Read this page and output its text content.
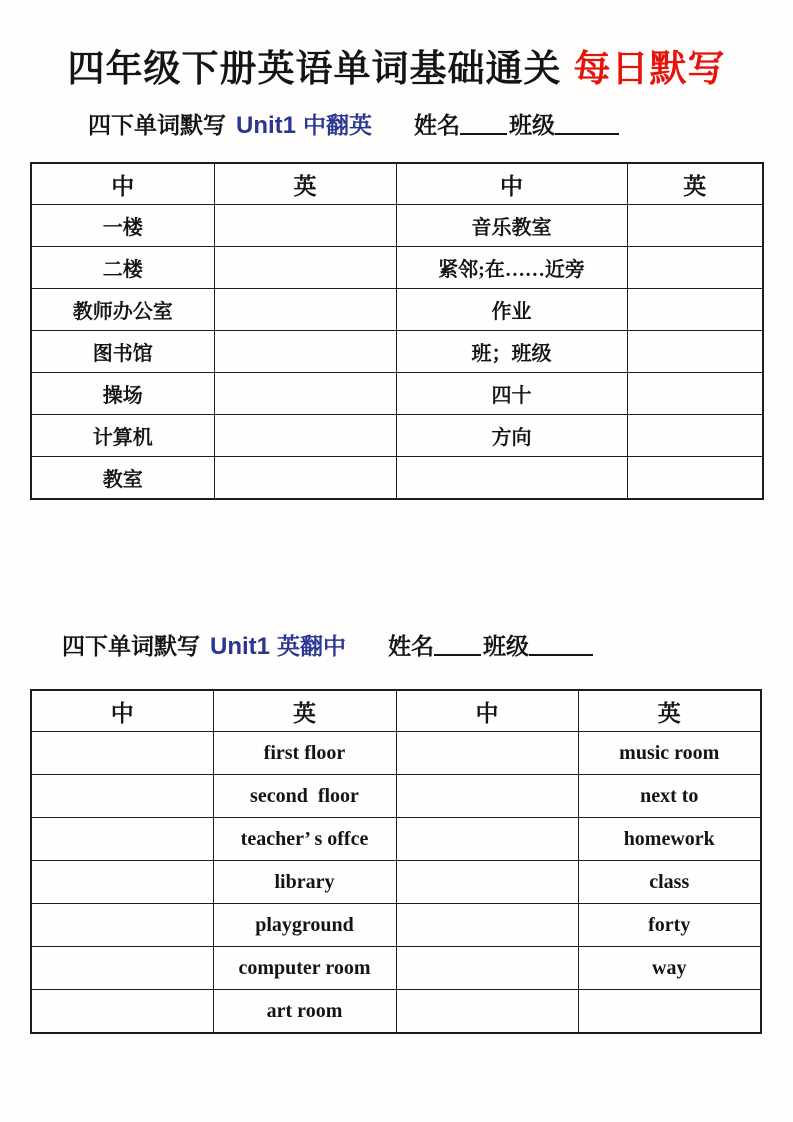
四年级下册英语单词基础通关 每日默写
四下单词默写 Unit1 中翻英 姓名 班级
中	英	中	英
一楼		音乐教室	
二楼		紧邻;在……近旁	
教师办公室		作业	
图书馆		班；班级	
操场		四十	
计算机		方向	
教室			
四下单词默写 Unit1 英翻中 姓名 班级
中	英	中	英
	first floor		music room
	second  floor		next to
	teacher’ s offce		homework
	library		class
	playground		forty
	computer room		way
	art room		
